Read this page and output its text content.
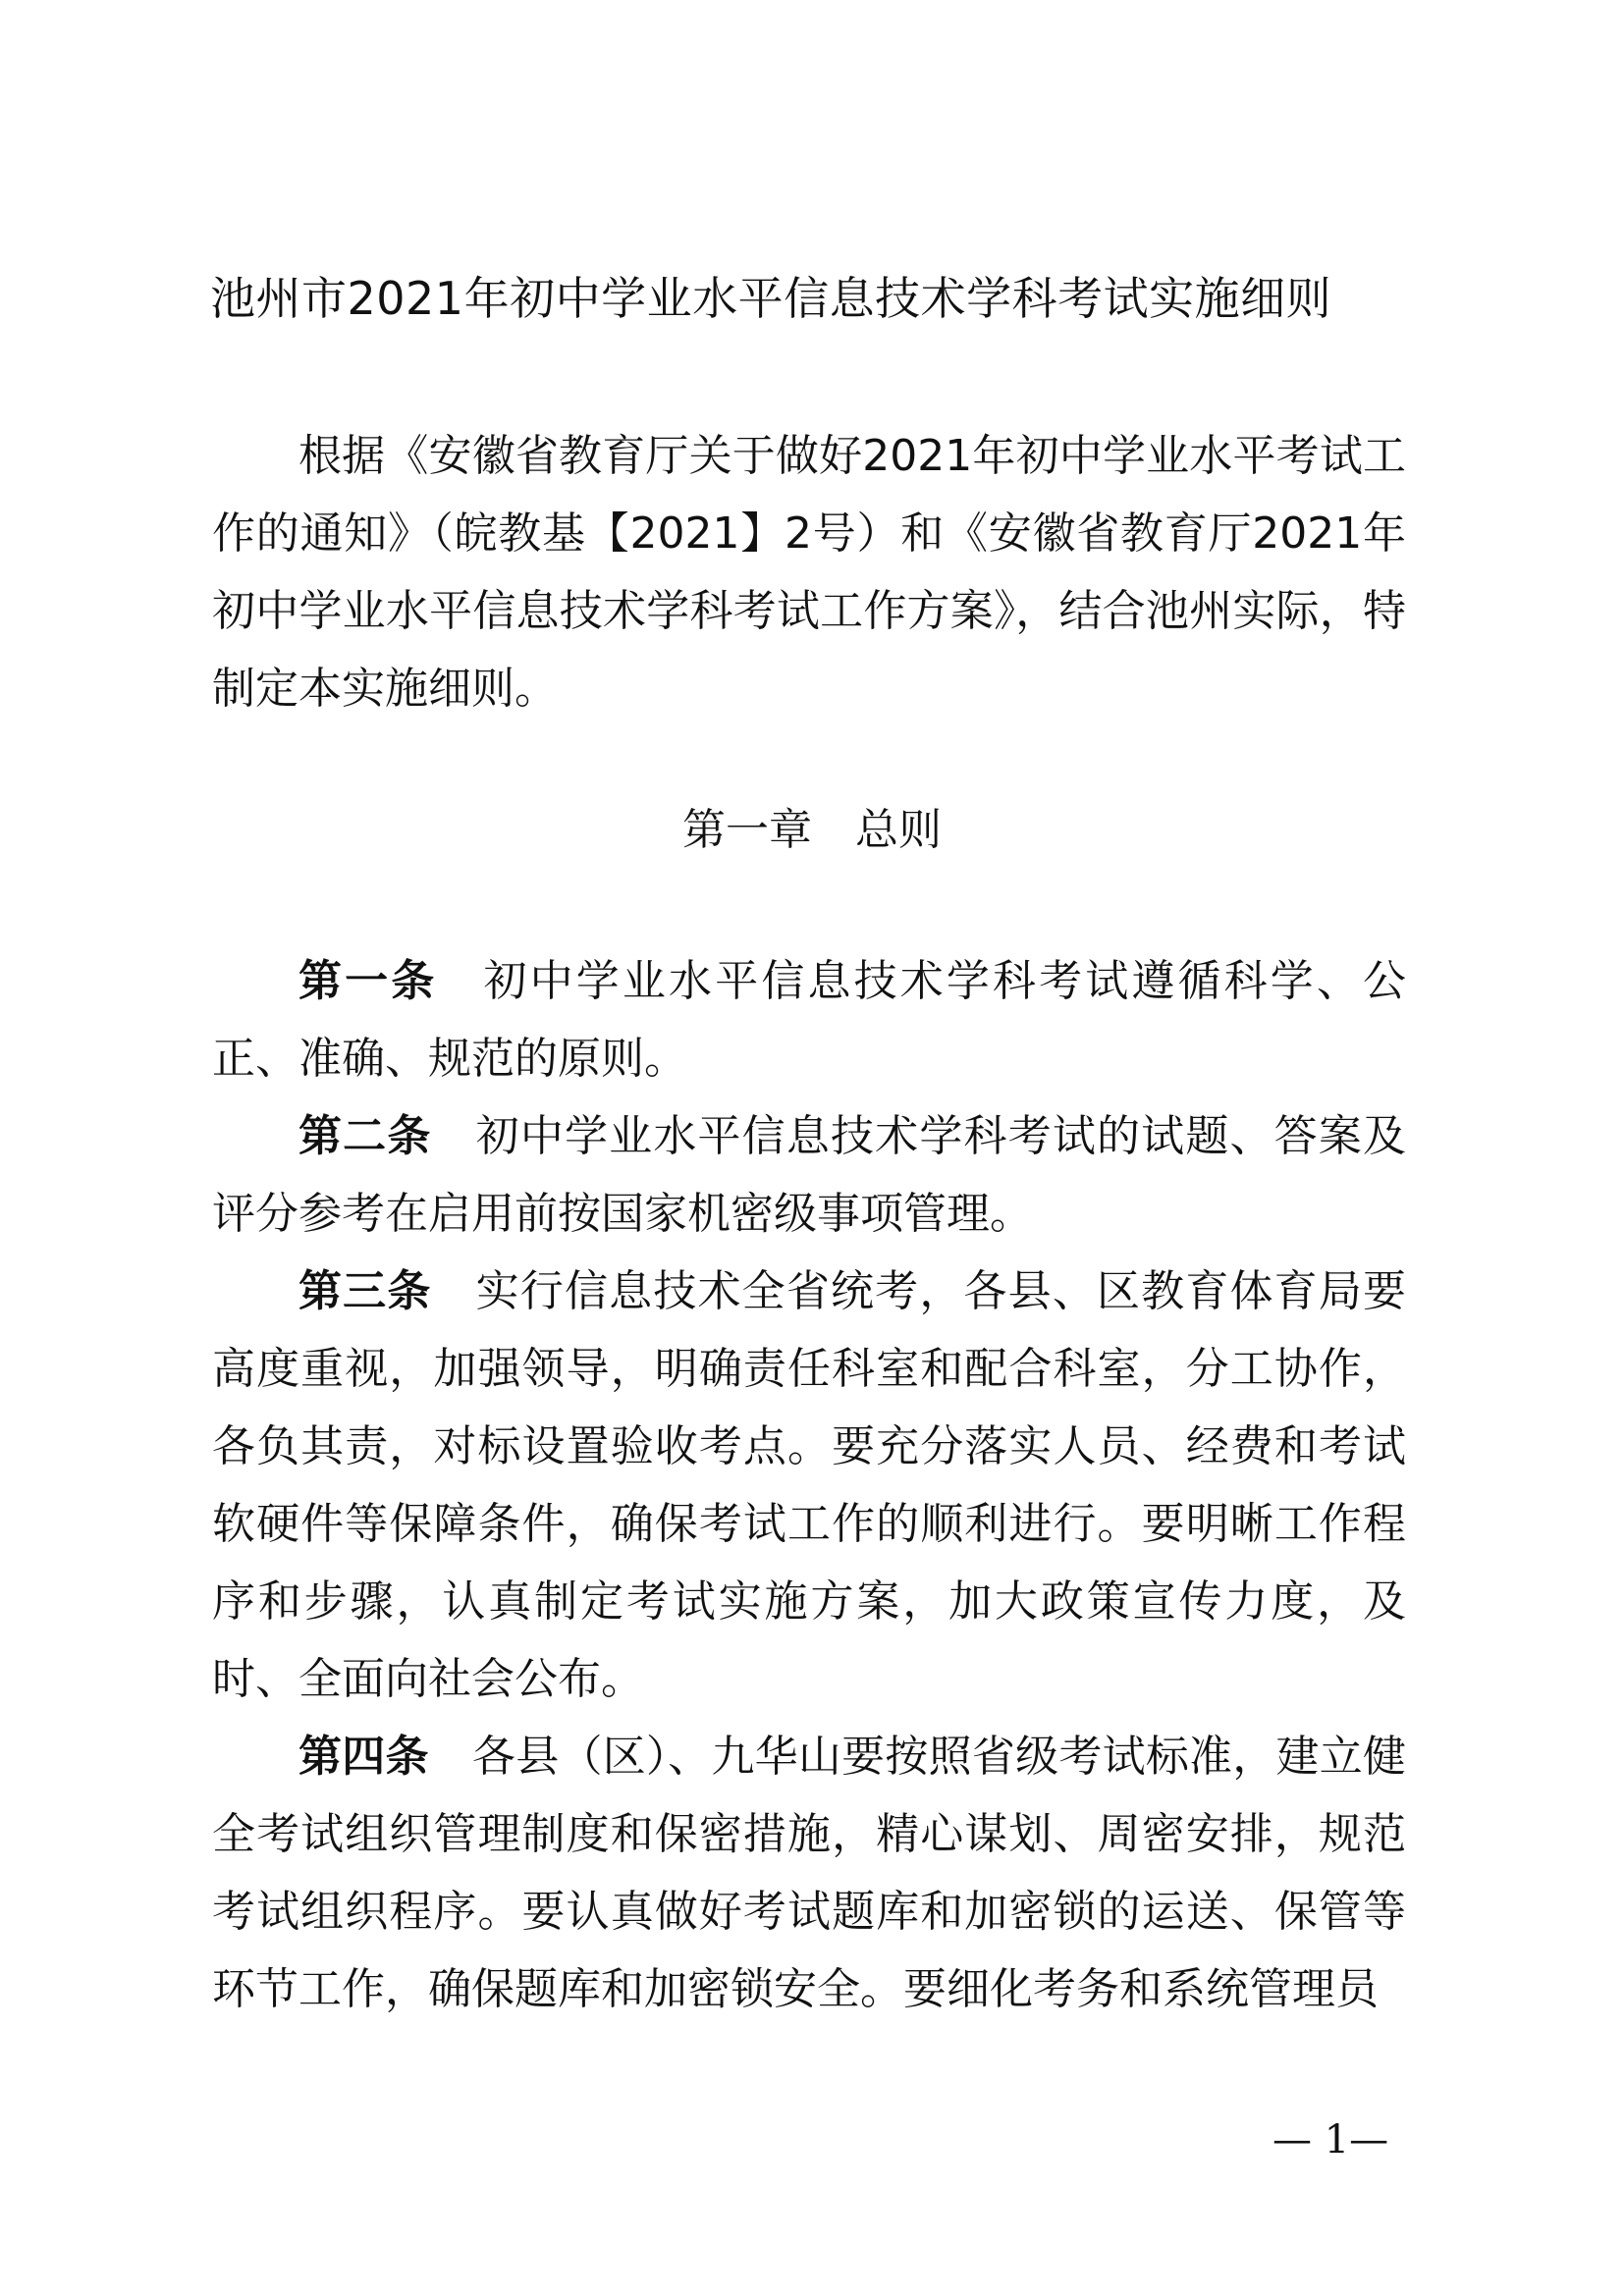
池州市2021年初中学业水平信息技术学科考试实施细则
根据《安徽省教育厅关于做好2021年初中学业水平考试工作的通知》（皖教基【2021】2号）和《安徽省教育厅2021年初中学业水平信息技术学科考试工作方案》，结合池州实际，特制定本实施细则。
第一章　总则

第一条 初中学业水平信息技术学科考试遵循科学、公正、准确、规范的原则。

第二条 初中学业水平信息技术学科考试的试题、答案及评分参考在启用前按国家机密级事项管理。

第三条 实行信息技术全省统考，各县、区教育体育局要高度重视，加强领导，明确责任科室和配合科室，分工协作，各负其责，对标设置验收考点。要充分落实人员、经费和考试软硬件等保障条件，确保考试工作的顺利进行。要明晰工作程序和步骤，认真制定考试实施方案，加大政策宣传力度，及时、全面向社会公布。

第四条 各县（区）、九华山要按照省级考试标准，建立健全考试组织管理制度和保密措施，精心谋划、周密安排，规范考试组织程序。要认真做好考试题库和加密锁的运送、保管等环节工作，确保题库和加密锁安全。要细化考务和系统管理员

— 1—
